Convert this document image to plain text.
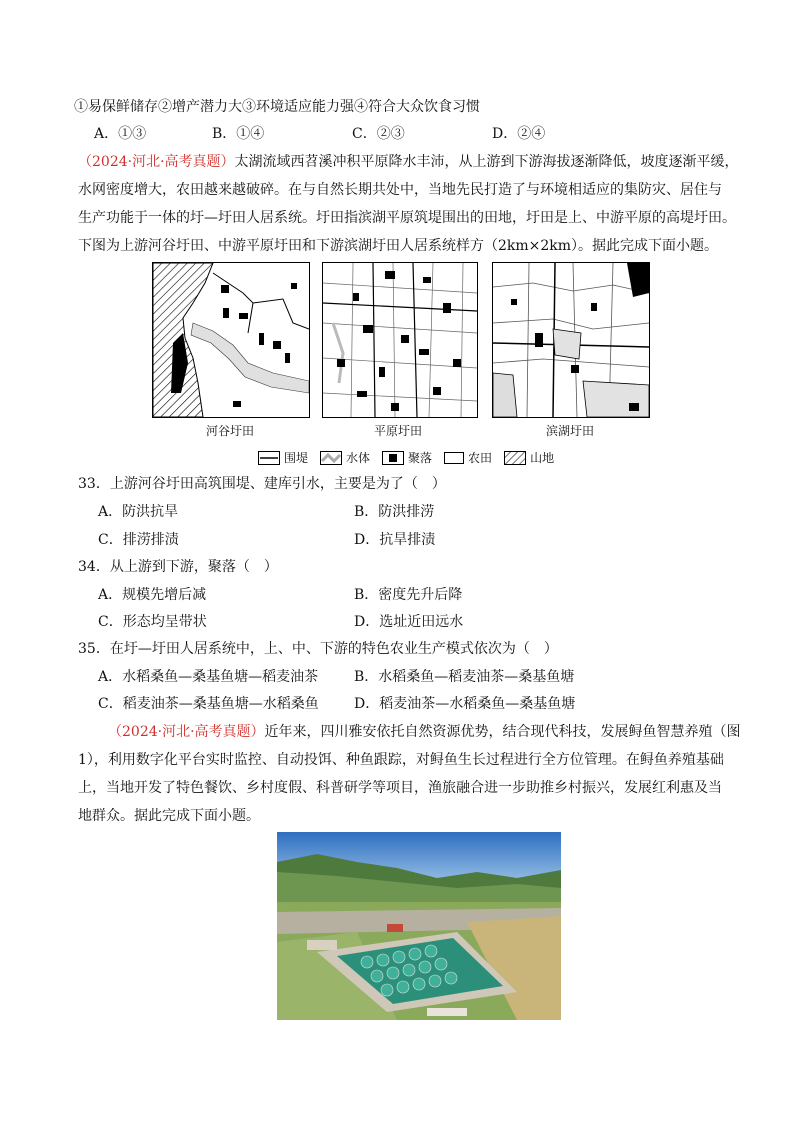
①易保鲜储存②增产潜力大③环境适应能力强④符合大众饮食习惯
A．①③	B．①④	C．②③	D．②④
（2024·河北·高考真题）太湖流域西苕溪冲积平原降水丰沛，从上游到下游海拔逐渐降低，坡度逐渐平缓，
水网密度增大，农田越来越破碎。在与自然长期共处中，当地先民打造了与环境相适应的集防灾、居住与
生产功能于一体的圩—圩田人居系统。圩田指滨湖平原筑堤围出的田地，圩田是上、中游平原的高堤圩田。
下图为上游河谷圩田、中游平原圩田和下游滨湖圩田人居系统样方（2km×2km）。据此完成下面小题。
河谷圩田	平原圩田	滨湖圩田
围堤	水体	聚落	农田	山地
33．上游河谷圩田高筑围堤、建库引水，主要是为了（　）
A．防洪抗旱	B．防洪排涝
C．排涝排渍	D．抗旱排渍
34．从上游到下游，聚落（　）
A．规模先增后减	B．密度先升后降
C．形态均呈带状	D．选址近田远水
35．在圩—圩田人居系统中，上、中、下游的特色农业生产模式依次为（　）
A．水稻桑鱼—桑基鱼塘—稻麦油茶	B．水稻桑鱼—稻麦油茶—桑基鱼塘
C．稻麦油茶—桑基鱼塘—水稻桑鱼	D．稻麦油茶—水稻桑鱼—桑基鱼塘
（2024·河北·高考真题）近年来，四川雅安依托自然资源优势，结合现代科技，发展鲟鱼智慧养殖（图
1），利用数字化平台实时监控、自动投饵、种鱼跟踪，对鲟鱼生长过程进行全方位管理。在鲟鱼养殖基础
上，当地开发了特色餐饮、乡村度假、科普研学等项目，渔旅融合进一步助推乡村振兴，发展红利惠及当
地群众。据此完成下面小题。
